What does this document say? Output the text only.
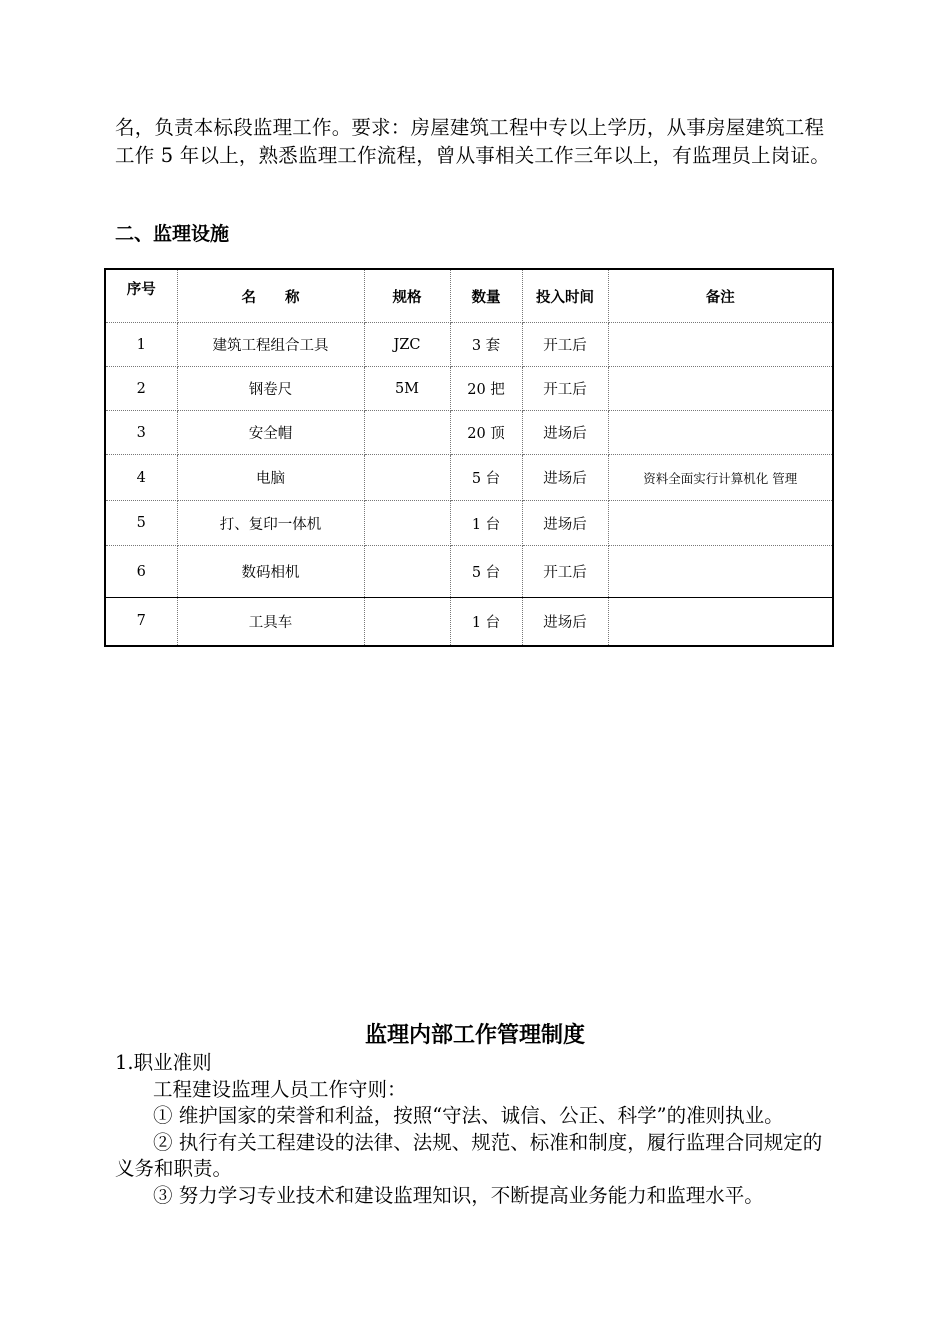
名，负责本标段监理工作。要求：房屋建筑工程中专以上学历，从事房屋建筑工程工作 5 年以上，熟悉监理工作流程，曾从事相关工作三年以上，有监理员上岗证。
二、监理设施
序号	名　　称	规格	数量	投入时间	备注
1	建筑工程组合工具	JZC	3 套	开工后	
2	钢卷尺	5M	20 把	开工后	
3	安全帽		20 顶	进场后	
4	电脑		5 台	进场后	资料全面实行计算机化 管理
5	打、复印一体机		1 台	进场后	
6	数码相机		5 台	开工后	
7	工具车		1 台	进场后	
监理内部工作管理制度
1.职业准则
工程建设监理人员工作守则：
① 维护国家的荣誉和利益，按照“守法、诚信、公正、科学”的准则执业。
② 执行有关工程建设的法律、法规、规范、标准和制度，履行监理合同规定的义务和职责。
③ 努力学习专业技术和建设监理知识，不断提高业务能力和监理水平。
